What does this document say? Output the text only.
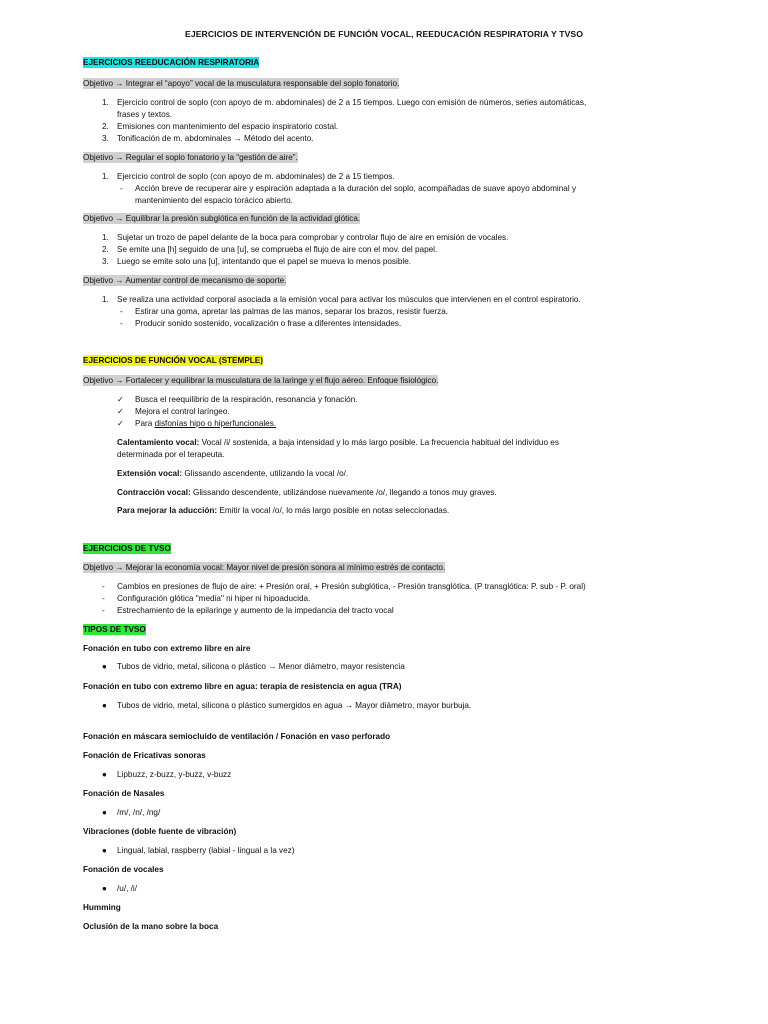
EJERCICIOS DE INTERVENCIÓN DE FUNCIÓN VOCAL, REEDUCACIÓN RESPIRATORIA Y TVSO
EJERCICIOS REEDUCACIÓN RESPIRATORIA
Objetivo → Integrar el “apoyo” vocal de la musculatura responsable del soplo fonatorio.
1. Ejercicio control de soplo (con apoyo de m. abdominales) de 2 a 15 tiempos. Luego con emisión de números, series automáticas,
frases y textos.
2. Emisiones con mantenimiento del espacio inspiratorio costal.
3. Tonificación de m. abdominales → Método del acento.
Objetivo → Regular el soplo fonatorio y la “gestión de aire”.
1. Ejercicio control de soplo (con apoyo de m. abdominales) de 2 a 15 tiempos.
- Acción breve de recuperar aire y espiración adaptada a la duración del soplo, acompañadas de suave apoyo abdominal y
mantenimiento del espacio torácico abierto.
Objetivo → Equilibrar la presión subglótica en función de la actividad glótica.
1. Sujetar un trozo de papel delante de la boca para comprobar y controlar flujo de aire en emisión de vocales.
2. Se emite una [h] seguido de una [u], se comprueba el flujo de aire con el mov. del papel.
3. Luego se emite solo una [u], intentando que el papel se mueva lo menos posible.
Objetivo → Aumentar control de mecanismo de soporte.
1. Se realiza una actividad corporal asociada a la emisión vocal para activar los músculos que intervienen en el control espiratorio.
- Estirar una goma, apretar las palmas de las manos, separar los brazos, resistir fuerza.
- Producir sonido sostenido, vocalización o frase a diferentes intensidades.
EJERCICIOS DE FUNCIÓN VOCAL (STEMPLE)
Objetivo → Fortalecer y equilibrar la musculatura de la laringe y el flujo aéreo. Enfoque fisiológico.
✓ Busca el reequilibrio de la respiración, resonancia y fonación.
✓ Mejora el control laríngeo.
✓ Para disfonías hipo o hiperfuncionales.
Calentamiento vocal: Vocal /i/ sostenida, a baja intensidad y lo más largo posible. La frecuencia habitual del individuo es
determinada por el terapeuta.
Extensión vocal: Glissando ascendente, utilizando la vocal /o/.
Contracción vocal: Glissando descendente, utilizándose nuevamente /o/, llegando a tonos muy graves.
Para mejorar la aducción: Emitir la vocal /o/, lo más largo posible en notas seleccionadas.
EJERCICIOS DE TVSO
Objetivo → Mejorar la economía vocal: Mayor nivel de presión sonora al mínimo estrés de contacto.
- Cambios en presiones de flujo de aire: + Presión oral, + Presión subglótica, - Presión transglótica. (P transglótica: P. sub - P. oral)
- Configuración glótica "media" ni hiper ni hipoaducida.
- Estrechamiento de la epilaringe y aumento de la impedancia del tracto vocal
TIPOS DE TVSO
Fonación en tubo con extremo libre en aire
● Tubos de vidrio, metal, silicona o plástico → Menor diámetro, mayor resistencia
Fonación en tubo con extremo libre en agua: terapia de resistencia en agua (TRA)
● Tubos de vidrio, metal, silicona o plástico sumergidos en agua → Mayor diámetro, mayor burbuja.
Fonación en máscara semiocluido de ventilación / Fonación en vaso perforado
Fonación de Fricativas sonoras
● Lipbuzz, z-buzz, y-buzz, v-buzz
Fonación de Nasales
● /m/, /n/, /ng/
Vibraciones (doble fuente de vibración)
● Lingual, labial, raspberry (labial - lingual a la vez)
Fonación de vocales
● /u/, /i/
Humming
Oclusión de la mano sobre la boca
